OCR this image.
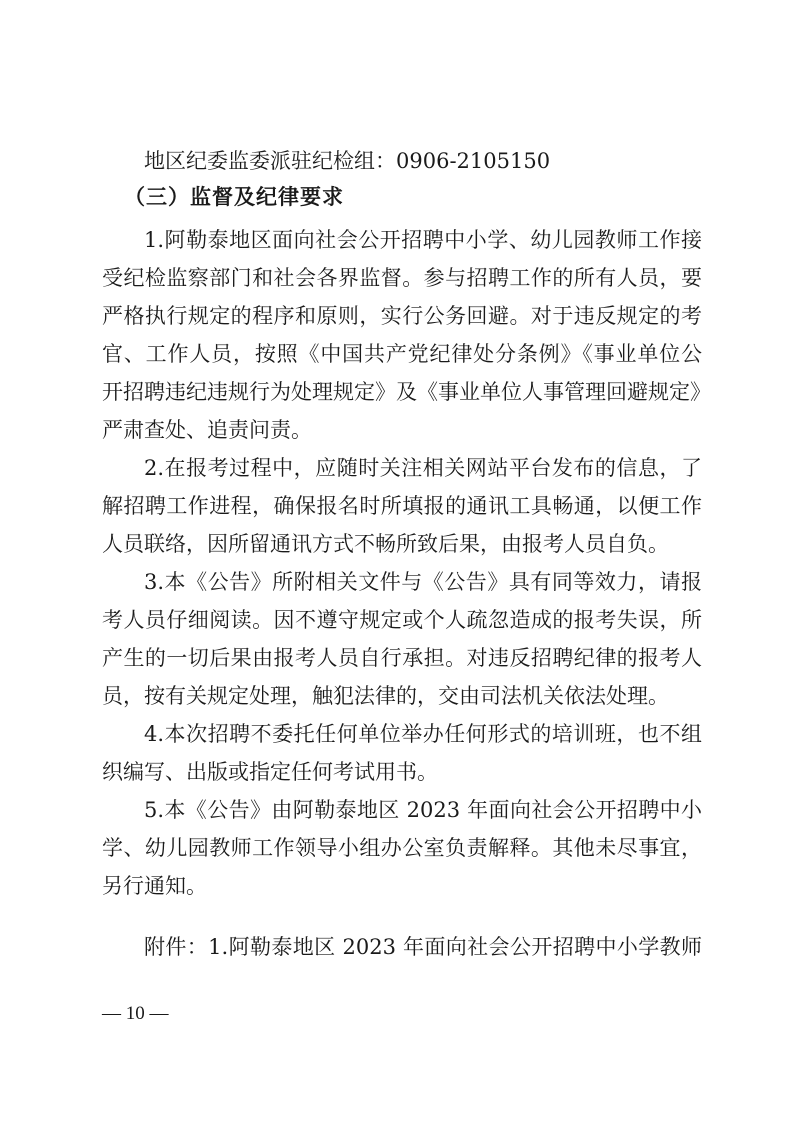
地区纪委监委派驻纪检组：0906-2105150
（三）监督及纪律要求
1.阿勒泰地区面向社会公开招聘中小学、幼儿园教师工作接
受纪检监察部门和社会各界监督。参与招聘工作的所有人员，要
严格执行规定的程序和原则，实行公务回避。对于违反规定的考
官、工作人员，按照《中国共产党纪律处分条例》《事业单位公
开招聘违纪违规行为处理规定》及《事业单位人事管理回避规定》
严肃查处、追责问责。
2.在报考过程中，应随时关注相关网站平台发布的信息，了
解招聘工作进程，确保报名时所填报的通讯工具畅通，以便工作
人员联络，因所留通讯方式不畅所致后果，由报考人员自负。
3.本《公告》所附相关文件与《公告》具有同等效力，请报
考人员仔细阅读。因不遵守规定或个人疏忽造成的报考失误，所
产生的一切后果由报考人员自行承担。对违反招聘纪律的报考人
员，按有关规定处理，触犯法律的，交由司法机关依法处理。
4.本次招聘不委托任何单位举办任何形式的培训班，也不组
织编写、出版或指定任何考试用书。
5.本《公告》由阿勒泰地区 2023 年面向社会公开招聘中小
学、幼儿园教师工作领导小组办公室负责解释。其他未尽事宜，
另行通知。
附件：1.阿勒泰地区 2023 年面向社会公开招聘中小学教师
— 10 —
